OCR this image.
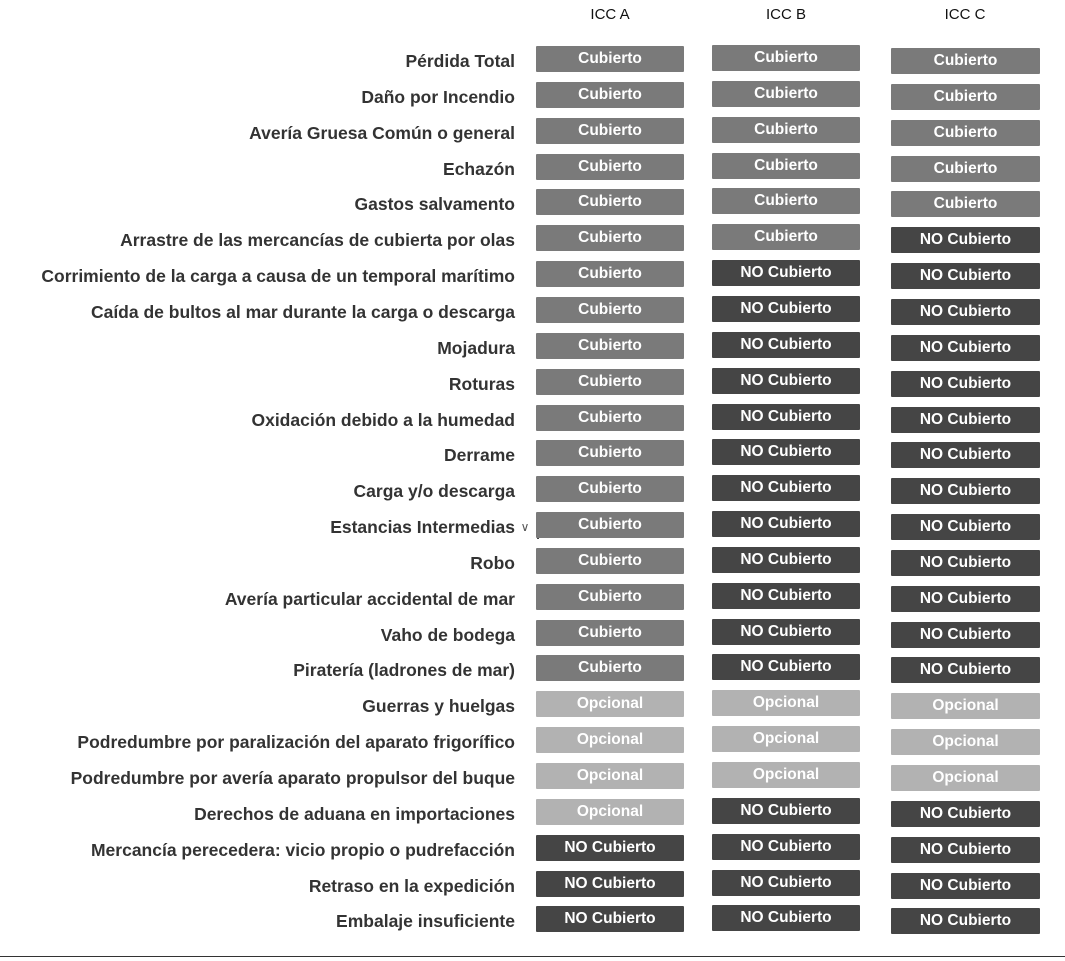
ICC A	ICC B	ICC C
Pérdida Total	Cubierto	Cubierto	Cubierto
Daño por Incendio	Cubierto	Cubierto	Cubierto
Avería Gruesa Común o general	Cubierto	Cubierto	Cubierto
Echazón	Cubierto	Cubierto	Cubierto
Gastos salvamento	Cubierto	Cubierto	Cubierto
Arrastre de las mercancías de cubierta por olas	Cubierto	Cubierto	NO Cubierto
Corrimiento de la carga a causa de un temporal marítimo	Cubierto	NO Cubierto	NO Cubierto
Caída de bultos al mar durante la carga o descarga	Cubierto	NO Cubierto	NO Cubierto
Mojadura	Cubierto	NO Cubierto	NO Cubierto
Roturas	Cubierto	NO Cubierto	NO Cubierto
Oxidación debido a la humedad	Cubierto	NO Cubierto	NO Cubierto
Derrame	Cubierto	NO Cubierto	NO Cubierto
Carga y/o descarga	Cubierto	NO Cubierto	NO Cubierto
Estancias Intermedias ∨	Cubierto	NO Cubierto	NO Cubierto
Robo	Cubierto	NO Cubierto	NO Cubierto
Avería particular accidental de mar	Cubierto	NO Cubierto	NO Cubierto
Vaho de bodega	Cubierto	NO Cubierto	NO Cubierto
Piratería (ladrones de mar)	Cubierto	NO Cubierto	NO Cubierto
Guerras y huelgas	Opcional	Opcional	Opcional
Podredumbre por paralización del aparato frigorífico	Opcional	Opcional	Opcional
Podredumbre por avería aparato propulsor del buque	Opcional	Opcional	Opcional
Derechos de aduana en importaciones	Opcional	NO Cubierto	NO Cubierto
Mercancía perecedera: vicio propio o pudrefacción	NO Cubierto	NO Cubierto	NO Cubierto
Retraso en la expedición	NO Cubierto	NO Cubierto	NO Cubierto
Embalaje insuficiente	NO Cubierto	NO Cubierto	NO Cubierto
